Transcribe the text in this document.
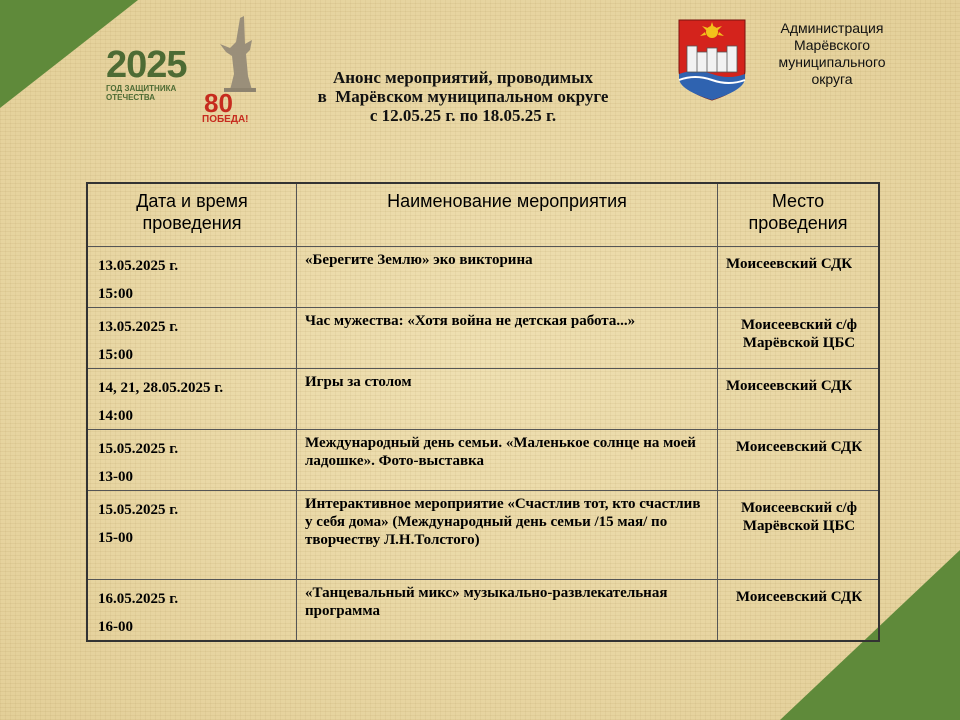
2025
ГОД ЗАЩИТНИКА
ОТЕЧЕСТВА	80
ПОБЕДА!
Анонс мероприятий, проводимых
в  Марёвском муниципальном округе
с 12.05.25 г. по 18.05.25 г.
Администрация
Марёвского
муниципального
округа
Дата и время проведения	Наименование мероприятия	Место проведения

13.05.2025 г.
15:00	«Берегите Землю» эко викторина	Моисеевский СДК

13.05.2025 г.
15:00	Час мужества: «Хотя война не детская работа...»	Моисеевский с/ф Марёвской ЦБС

14, 21, 28.05.2025 г.
14:00	Игры за столом	Моисеевский СДК

15.05.2025 г.
13-00	Международный день семьи. «Маленькое солнце на моей ладошке». Фото-выставка	Моисеевский СДК

15.05.2025 г.
15-00	Интерактивное мероприятие «Счастлив тот, кто счастлив у себя дома» (Международный день семьи /15 мая/ по творчеству Л.Н.Толстого)	Моисеевский с/ф Марёвской ЦБС

16.05.2025 г.
16-00	«Танцевальный микс» музыкально-развлекательная программа	Моисеевский СДК
